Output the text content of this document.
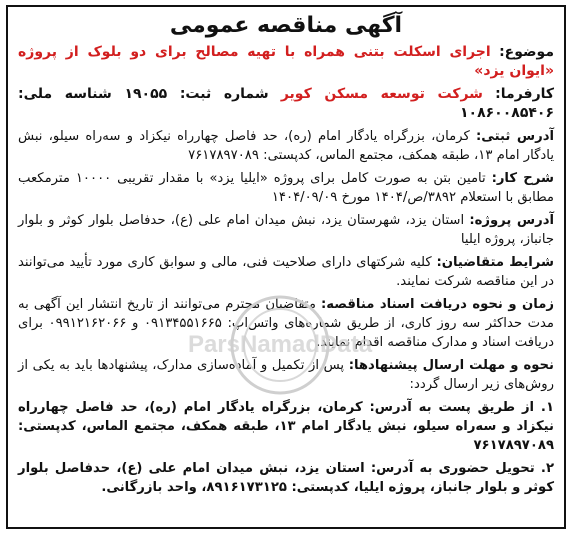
آگهی مناقصه عمومی

موضوع: اجرای اسکلت بتنی همراه با تهیه مصالح برای دو بلوک از پروژه «ایوان یزد»

کارفرما: شرکت توسعه مسکن کویر شماره ثبت: ۱۹۰۵۵ شناسه ملی: ۱۰۸۶۰۰۸۵۴۰۶

آدرس ثبتی: کرمان، بزرگراه یادگار امام (ره)، حد فاصل چهارراه نیکزاد و سه‌راه سیلو، نبش یادگار امام ۱۳، طبقه همکف، مجتمع الماس، کدپستی: ۷۶۱۷۸۹۷۰۸۹

شرح کار: تامین بتن به صورت کامل برای پروژه «ایلیا یزد» با مقدار تقریبی ۱۰۰۰۰ مترمکعب مطابق با استعلام ۳۸۹۲/ص/۱۴۰۴ مورخ ۱۴۰۴/۰۹/۰۹

آدرس پروژه: استان یزد، شهرستان یزد، نبش میدان امام علی (ع)، حدفاصل بلوار کوثر و بلوار جانباز، پروژه ایلیا

شرایط متقاضیان: کلیه شرکتهای دارای صلاحیت فنی، مالی و سوابق کاری مورد تأیید می‌توانند در این مناقصه شرکت نمایند.

زمان و نحوه دریافت اسناد مناقصه: متقاضیان محترم می‌توانند از تاریخ انتشار این آگهی به مدت حداکثر سه روز کاری، از طریق شماره‌های واتس‌اپ: ۰۹۱۳۴۵۵۱۶۶۵ و ۰۹۹۱۲۱۶۲۰۶۶ برای دریافت اسناد و مدارک مناقصه اقدام نمایند.

نحوه و مهلت ارسال پیشنهادها: پس از تکمیل و آماده‌سازی مدارک، پیشنهادها باید به یکی از روش‌های زیر ارسال گردد:

۱. از طریق پست به آدرس: کرمان، بزرگراه یادگار امام (ره)، حد فاصل چهارراه نیکزاد و سه‌راه سیلو، نبش یادگار امام ۱۳، طبقه همکف، مجتمع الماس، کدپستی: ۷۶۱۷۸۹۷۰۸۹

۲. تحویل حضوری به آدرس: استان یزد، نبش میدان امام علی (ع)، حدفاصل بلوار کوثر و بلوار جانباز، پروژه ایلیا، کدپستی: ۸۹۱۶۱۷۳۱۲۵، واحد بازرگانی.

ParsNamadData
